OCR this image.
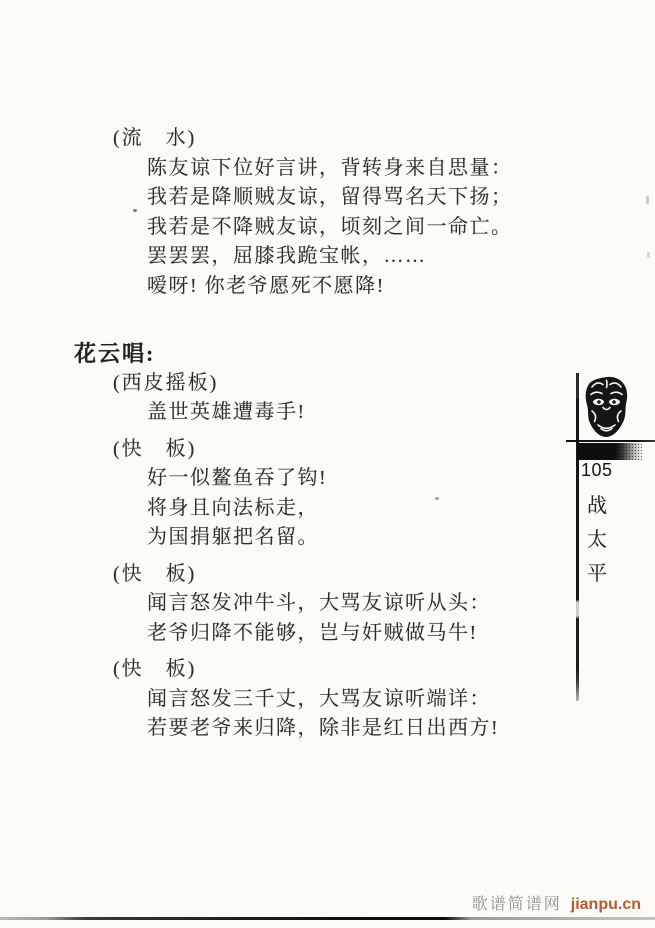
(流　水)
陈友谅下位好言讲，背转身来自思量：
我若是降顺贼友谅，留得骂名天下扬；
我若是不降贼友谅，顷刻之间一命亡。
罢罢罢，屈膝我跪宝帐，……
嗳呀! 你老爷愿死不愿降!
花云唱:
(西皮摇板)
盖世英雄遭毒手!
(快　板)
好一似鳌鱼吞了钩!
将身且向法标走，
为国捐躯把名留。
(快　板)
闻言怒发冲牛斗，大骂友谅听从头：
老爷归降不能够，岂与奸贼做马牛!
(快　板)
闻言怒发三千丈，大骂友谅听端详：
若要老爷来归降，除非是红日出西方!
105
战
太
平
歌谱简谱网 jianpu.cn
